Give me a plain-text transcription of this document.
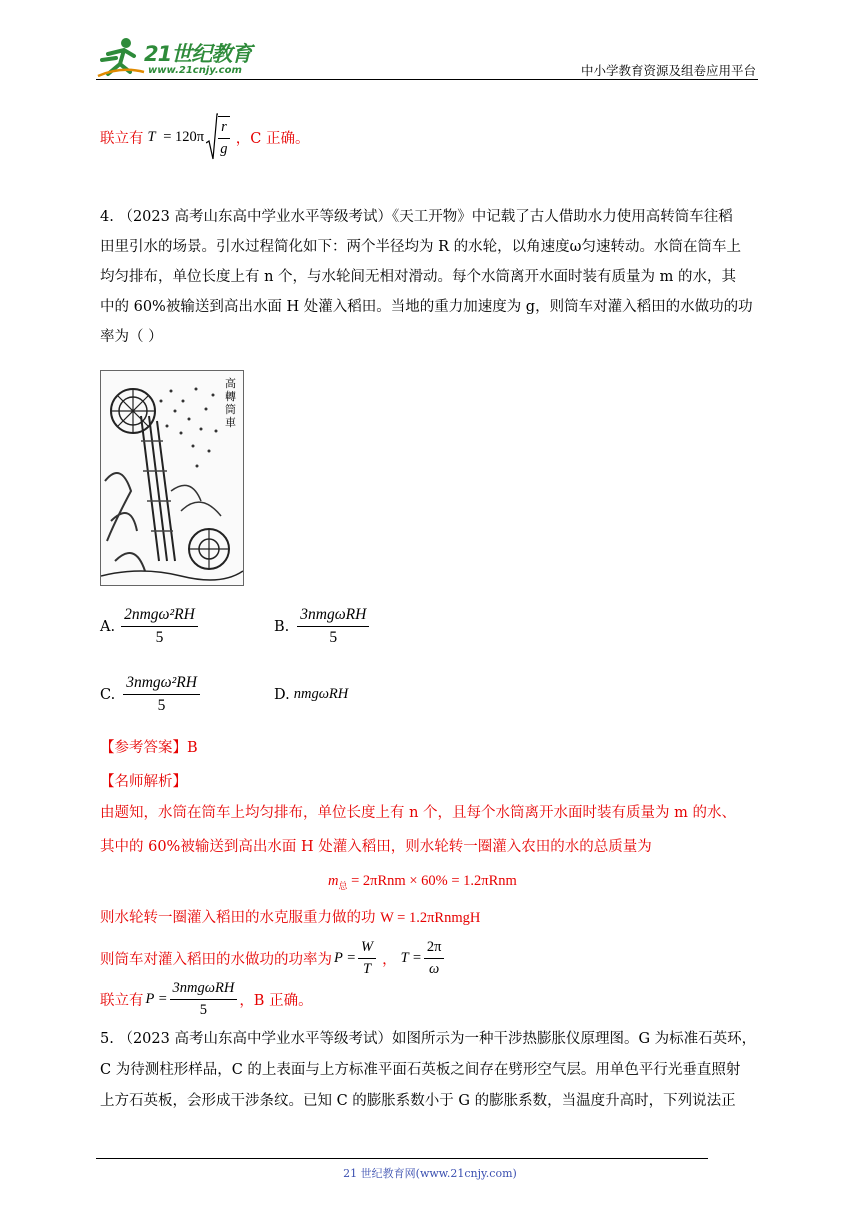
21世纪教育
www.21cnjy.com	中小学教育资源及组卷应用平台
联立有 $T = 120\pi \frac{r}{g}$ ，C 正确。
4. （2023 高考山东高中学业水平等级考试）《天工开物》中记载了古人借助水力使用高转筒车往稻
田里引水的场景。引水过程简化如下：两个半径均为 R 的水轮，以角速度ω匀速转动。水筒在筒车上
均匀排布，单位长度上有 n 个，与水轮间无相对滑动。每个水筒离开水面时装有质量为 m 的水，其
中的 60%被输送到高出水面 H 处灌入稻田。当地的重力加速度为 g，则筒车对灌入稻田的水做功的功
率为（ ）
高轉筒車
A. $\frac{\text{2nmgω²RH}}{5}$	B. $\frac{\text{3nmgωRH}}{5}$
C. $\frac{\text{3nmgω²RH}}{5}$	D. nmgωRH
【参考答案】B
【名师解析】
由题知，水筒在筒车上均匀排布，单位长度上有 n 个，且每个水筒离开水面时装有质量为 m 的水、
其中的 60%被输送到高出水面 H 处灌入稻田，则水轮转一圈灌入农田的水的总质量为
$m_总 = 2\pi Rnm \times 60\% = 1.2\pi Rnm$
则水轮转一圈灌入稻田的水克服重力做的功 W = 1.2πRnmgH
则筒车对灌入稻田的水做功的功率为 $P = \frac{W}{T}$ ， $T = \frac{2\pi}{\omega}$
联立有 $P = \frac{\text{3nmgωRH}}{5}$ ，B 正确。
5. （2023 高考山东高中学业水平等级考试）如图所示为一种干涉热膨胀仪原理图。G 为标准石英环，
C 为待测柱形样品，C 的上表面与上方标准平面石英板之间存在劈形空气层。用单色平行光垂直照射
上方石英板，会形成干涉条纹。已知 C 的膨胀系数小于 G 的膨胀系数，当温度升高时，下列说法正
21 世纪教育网(www.21cnjy.com)
